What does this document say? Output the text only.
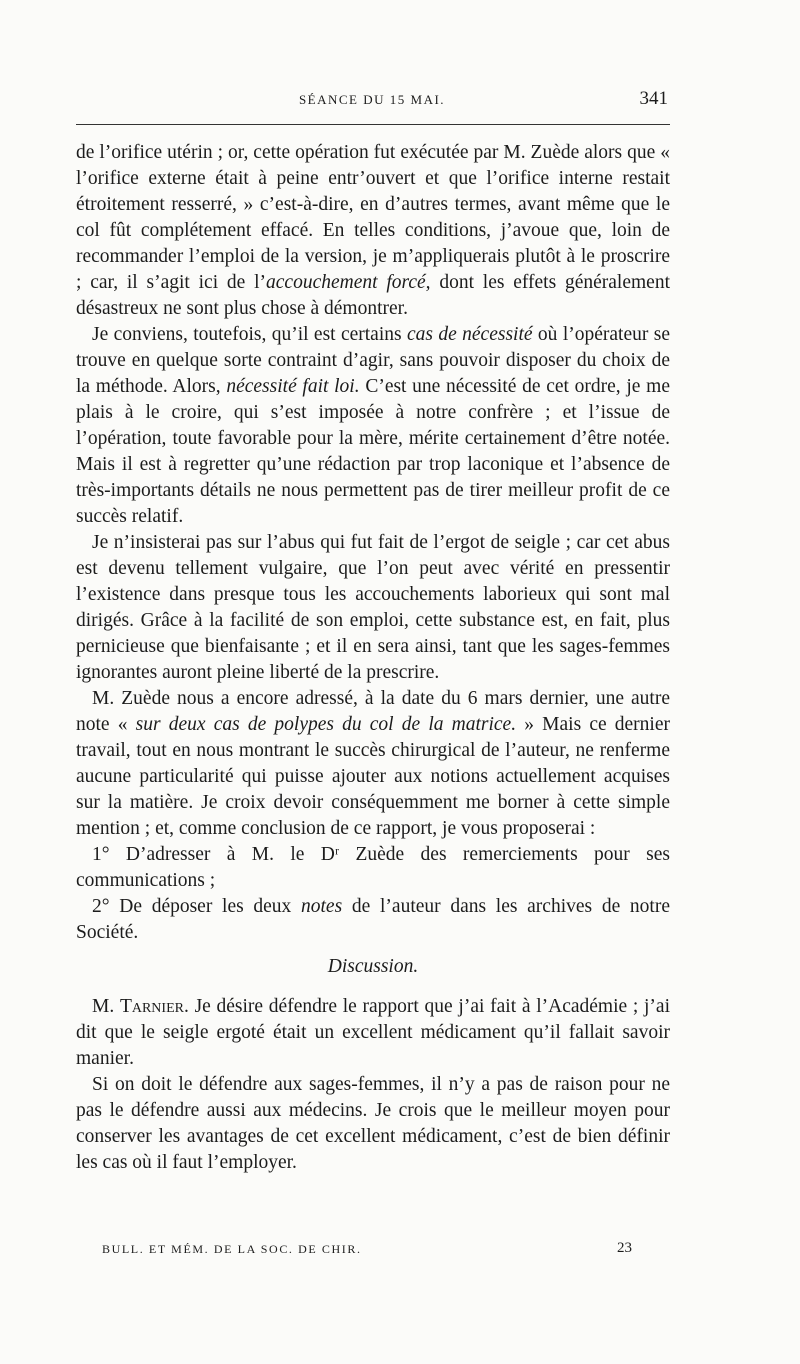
SÉANCE DU 15 MAI.	341

de l’orifice utérin ; or, cette opération fut exécutée par M. Zuède alors que « l’orifice externe était à peine entr’ouvert et que l’orifice interne restait étroitement resserré, » c’est-à-dire, en d’autres termes, avant même que le col fût complétement effacé. En telles conditions, j’avoue que, loin de recommander l’emploi de la version, je m’appliquerais plutôt à le proscrire ; car, il s’agit ici de l’accouchement forcé, dont les effets généralement désastreux ne sont plus chose à démontrer.

Je conviens, toutefois, qu’il est certains cas de nécessité où l’opérateur se trouve en quelque sorte contraint d’agir, sans pouvoir disposer du choix de la méthode. Alors, nécessité fait loi. C’est une nécessité de cet ordre, je me plais à le croire, qui s’est imposée à notre confrère ; et l’issue de l’opération, toute favorable pour la mère, mérite certainement d’être notée. Mais il est à regretter qu’une rédaction par trop laconique et l’absence de très-importants détails ne nous permettent pas de tirer meilleur profit de ce succès relatif.

Je n’insisterai pas sur l’abus qui fut fait de l’ergot de seigle ; car cet abus est devenu tellement vulgaire, que l’on peut avec vérité en pressentir l’existence dans presque tous les accouchements laborieux qui sont mal dirigés. Grâce à la facilité de son emploi, cette substance est, en fait, plus pernicieuse que bienfaisante ; et il en sera ainsi, tant que les sages-femmes ignorantes auront pleine liberté de la prescrire.

M. Zuède nous a encore adressé, à la date du 6 mars dernier, une autre note « sur deux cas de polypes du col de la matrice. » Mais ce dernier travail, tout en nous montrant le succès chirurgical de l’auteur, ne renferme aucune particularité qui puisse ajouter aux notions actuellement acquises sur la matière. Je croix devoir conséquemment me borner à cette simple mention ; et, comme conclusion de ce rapport, je vous proposerai :

1° D’adresser à M. le Dʳ Zuède des remerciements pour ses communications ;

2° De déposer les deux notes de l’auteur dans les archives de notre Société.

Discussion.

M. Tarnier. Je désire défendre le rapport que j’ai fait à l’Académie ; j’ai dit que le seigle ergoté était un excellent médicament qu’il fallait savoir manier.

Si on doit le défendre aux sages-femmes, il n’y a pas de raison pour ne pas le défendre aussi aux médecins. Je crois que le meilleur moyen pour conserver les avantages de cet excellent médicament, c’est de bien définir les cas où il faut l’employer.

BULL. ET MÉM. DE LA SOC. DE CHIR.	23
